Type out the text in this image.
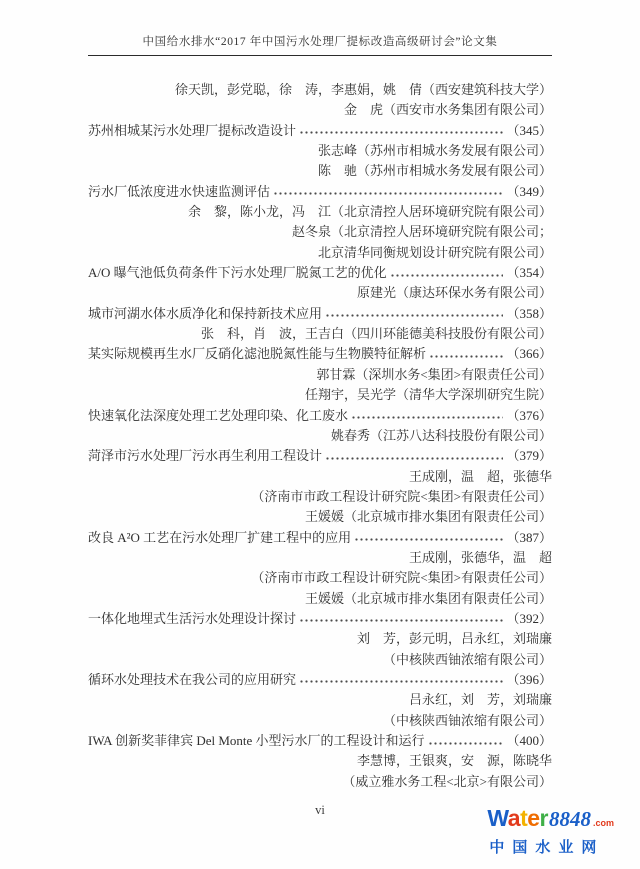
中国给水排水“2017 年中国污水处理厂提标改造高级研讨会”论文集
徐天凯，彭党聪，徐　涛，李惠娟，姚　倩（西安建筑科技大学）
金　虎（西安市水务集团有限公司）
苏州相城某污水处理厂提标改造设计	（345）
张志峰（苏州市相城水务发展有限公司）
陈　驰（苏州市相城水务发展有限公司）
污水厂低浓度进水快速监测评估	（349）
余　黎，陈小龙，冯　江（北京清控人居环境研究院有限公司）
赵冬泉（北京清控人居环境研究院有限公司；
北京清华同衡规划设计研究院有限公司）
A/O 曝气池低负荷条件下污水处理厂脱氮工艺的优化	（354）
原建光（康达环保水务有限公司）
城市河湖水体水质净化和保持新技术应用	（358）
张　科，肖　波，王吉白（四川环能德美科技股份有限公司）
某实际规模再生水厂反硝化滤池脱氮性能与生物膜特征解析	（366）
郭甘霖（深圳水务<集团>有限责任公司）
任翔宇，吴光学（清华大学深圳研究生院）
快速氧化法深度处理工艺处理印染、化工废水	（376）
姚春秀（江苏八达科技股份有限公司）
菏泽市污水处理厂污水再生利用工程设计	（379）
王成刚，温　超，张德华
（济南市市政工程设计研究院<集团>有限责任公司）
王媛媛（北京城市排水集团有限责任公司）
改良 A²O 工艺在污水处理厂扩建工程中的应用	（387）
王成刚，张德华，温　超
（济南市市政工程设计研究院<集团>有限责任公司）
王媛媛（北京城市排水集团有限责任公司）
一体化地埋式生活污水处理设计探讨	（392）
刘　芳，彭元明，吕永红，刘瑞廉
（中核陕西铀浓缩有限公司）
循环水处理技术在我公司的应用研究	（396）
吕永红，刘　芳，刘瑞廉
（中核陕西铀浓缩有限公司）
IWA 创新奖菲律宾 Del Monte 小型污水厂的工程设计和运行	（400）
李慧博，王银爽，安　源，陈晓华
（威立雅水务工程<北京>有限公司）
vi	Water 8848 .com
中国水业网
